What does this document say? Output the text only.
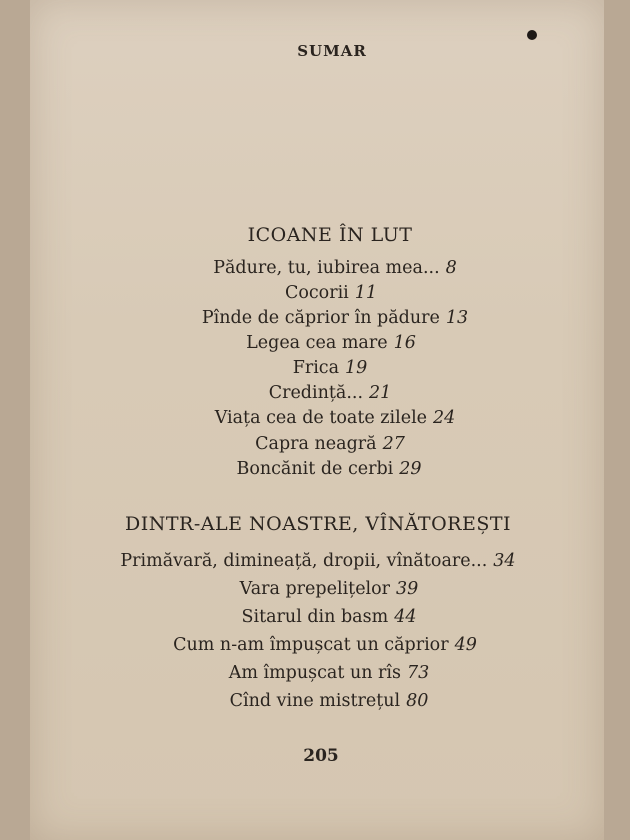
SUMAR
ICOANE ÎN LUT
Pădure, tu, iubirea mea... 8
Cocorii 11
Pînde de căprior în pădure 13
Legea cea mare 16
Frica 19
Credință... 21
Viața cea de toate zilele 24
Capra neagră 27
Boncănit de cerbi 29
DINTR-ALE NOASTRE, VÎNĂTOREȘTI
Primăvară, dimineață, dropii, vînătoare... 34
Vara prepelițelor 39
Sitarul din basm 44
Cum n-am împușcat un căprior 49
Am împușcat un rîs 73
Cînd vine mistrețul 80
205
